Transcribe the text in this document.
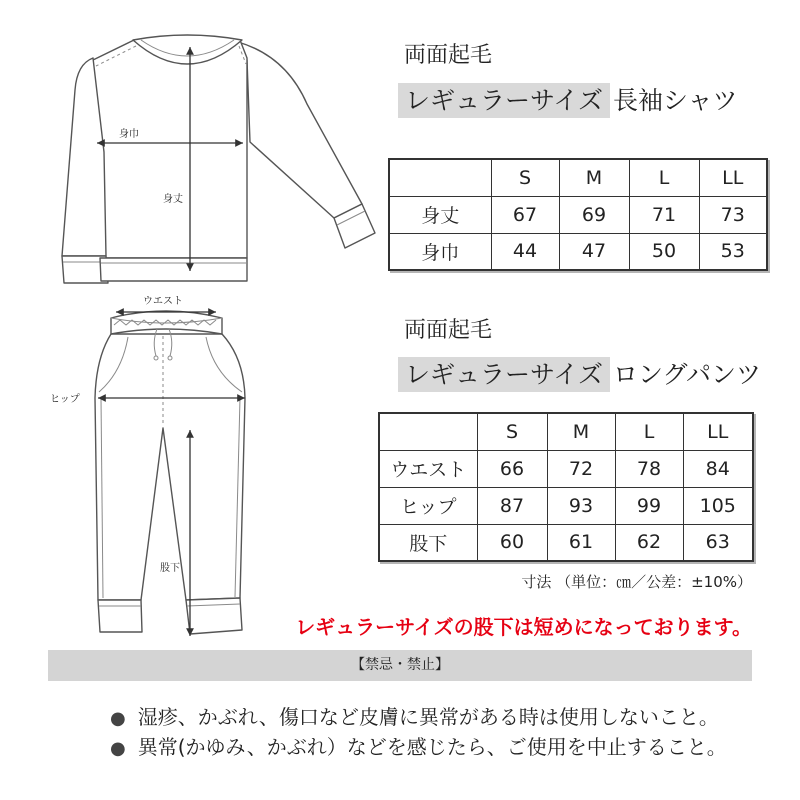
身巾
身丈
ウエスト
ヒップ
股下
両面起毛
レギュラーサイズ 長袖シャツ
	S	M	L	LL
身丈	67	69	71	73
身巾	44	47	50	53
両面起毛
レギュラーサイズ ロングパンツ
	S	M	L	LL
ウエスト	66	72	78	84
ヒップ	87	93	99	105
股下	60	61	62	63
寸法 （単位：㎝／公差：±10%）
レギュラーサイズの股下は短めになっております。
【禁忌・禁止】
● 湿疹、かぶれ、傷口など皮膚に異常がある時は使用しないこと。
● 異常(かゆみ、かぶれ）などを感じたら、ご使用を中止すること。
